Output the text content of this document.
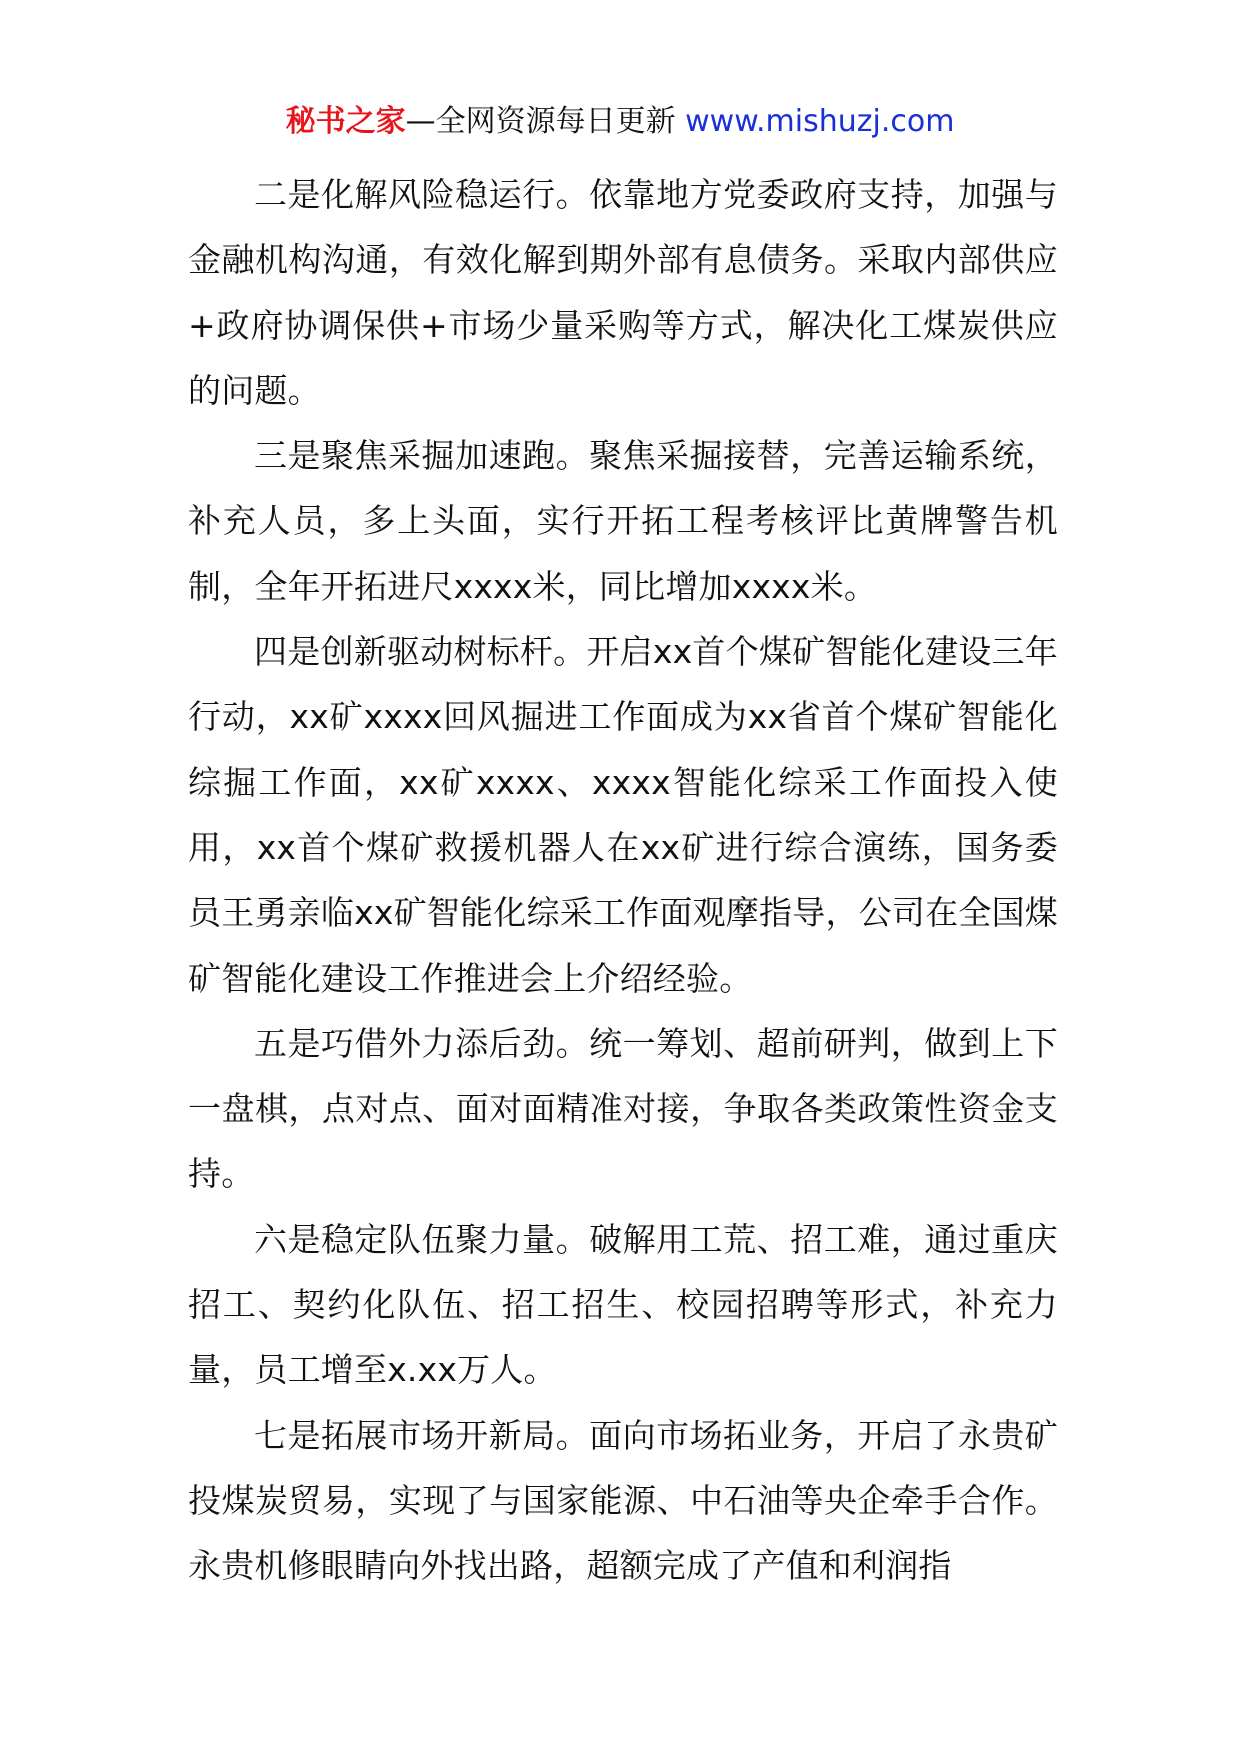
秘书之家—全网资源每日更新 www.mishuzj.com

二是化解风险稳运行。依靠地方党委政府支持，加强与金融机构沟通，有效化解到期外部有息债务。采取内部供应+政府协调保供+市场少量采购等方式，解决化工煤炭供应的问题。

三是聚焦采掘加速跑。聚焦采掘接替，完善运输系统，补充人员，多上头面，实行开拓工程考核评比黄牌警告机制，全年开拓进尺xxxx米，同比增加xxxx米。

四是创新驱动树标杆。开启xx首个煤矿智能化建设三年行动，xx矿xxxx回风掘进工作面成为xx省首个煤矿智能化综掘工作面，xx矿xxxx、xxxx智能化综采工作面投入使用，xx首个煤矿救援机器人在xx矿进行综合演练，国务委员王勇亲临xx矿智能化综采工作面观摩指导，公司在全国煤矿智能化建设工作推进会上介绍经验。

五是巧借外力添后劲。统一筹划、超前研判，做到上下一盘棋，点对点、面对面精准对接，争取各类政策性资金支持。

六是稳定队伍聚力量。破解用工荒、招工难，通过重庆招工、契约化队伍、招工招生、校园招聘等形式，补充力量，员工增至x.xx万人。

七是拓展市场开新局。面向市场拓业务，开启了永贵矿投煤炭贸易，实现了与国家能源、中石油等央企牵手合作。永贵机修眼睛向外找出路，超额完成了产值和利润指
